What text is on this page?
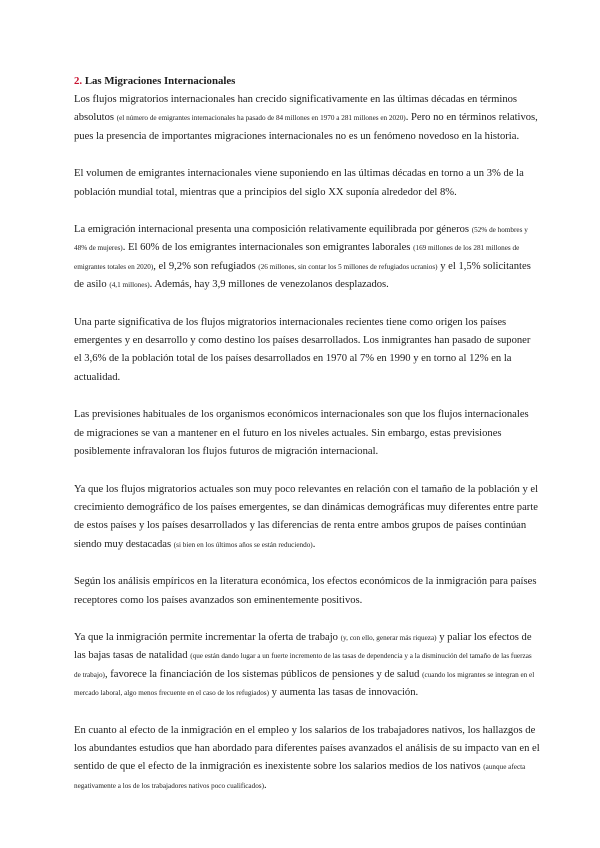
2. Las Migraciones Internacionales

Los flujos migratorios internacionales han crecido significativamente en las últimas décadas en términos absolutos (el número de emigrantes internacionales ha pasado de 84 millones en 1970 a 281 millones en 2020). Pero no en términos relativos, pues la presencia de importantes migraciones internacionales no es un fenómeno novedoso en la historia.

El volumen de emigrantes internacionales viene suponiendo en las últimas décadas en torno a un 3% de la población mundial total, mientras que a principios del siglo XX suponía alrededor del 8%.

La emigración internacional presenta una composición relativamente equilibrada por géneros (52% de hombres y 48% de mujeres). El 60% de los emigrantes internacionales son emigrantes laborales (169 millones de los 281 millones de emigrantes totales en 2020), el 9,2% son refugiados (26 millones, sin contar los 5 millones de refugiados ucranios) y el 1,5% solicitantes de asilo (4,1 millones). Además, hay 3,9 millones de venezolanos desplazados.

Una parte significativa de los flujos migratorios internacionales recientes tiene como origen los países emergentes y en desarrollo y como destino los países desarrollados. Los inmigrantes han pasado de suponer el 3,6% de la población total de los países desarrollados en 1970 al 7% en 1990 y en torno al 12% en la actualidad.

Las previsiones habituales de los organismos económicos internacionales son que los flujos internacionales de migraciones se van a mantener en el futuro en los niveles actuales. Sin embargo, estas previsiones posiblemente infravaloran los flujos futuros de migración internacional.

Ya que los flujos migratorios actuales son muy poco relevantes en relación con el tamaño de la población y el crecimiento demográfico de los países emergentes, se dan dinámicas demográficas muy diferentes entre parte de estos países y los países desarrollados y las diferencias de renta entre ambos grupos de países continúan siendo muy destacadas (si bien en los últimos años se están reduciendo).

Según los análisis empíricos en la literatura económica, los efectos económicos de la inmigración para países receptores como los países avanzados son eminentemente positivos.

Ya que la inmigración permite incrementar la oferta de trabajo (y, con ello, generar más riqueza) y paliar los efectos de las bajas tasas de natalidad (que están dando lugar a un fuerte incremento de las tasas de dependencia y a la disminución del tamaño de las fuerzas de trabajo), favorece la financiación de los sistemas públicos de pensiones y de salud (cuando los migrantes se integran en el mercado laboral, algo menos frecuente en el caso de los refugiados) y aumenta las tasas de innovación.

En cuanto al efecto de la inmigración en el empleo y los salarios de los trabajadores nativos, los hallazgos de los abundantes estudios que han abordado para diferentes países avanzados el análisis de su impacto van en el sentido de que el efecto de la inmigración es inexistente sobre los salarios medios de los nativos (aunque afecta negativamente a los de los trabajadores nativos poco cualificados).
